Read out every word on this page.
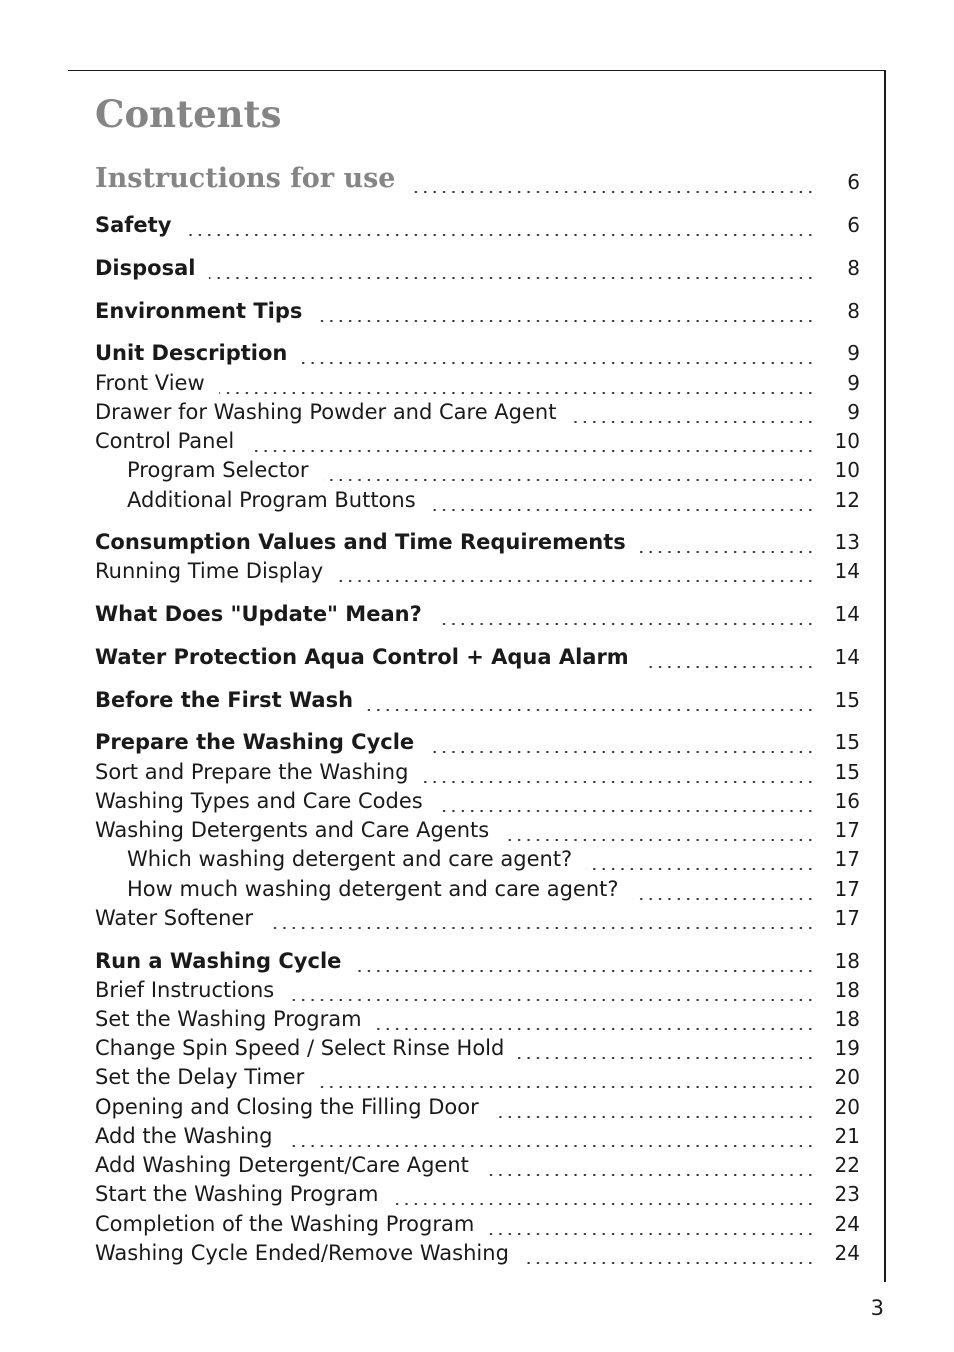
Contents
Instructions for use	6
Safety	6
Disposal	8
Environment Tips	8
Unit Description	9
Front View	9
Drawer for Washing Powder and Care Agent	9
Control Panel	10
Program Selector	10
Additional Program Buttons	12
Consumption Values and Time Requirements	13
Running Time Display	14
What Does "Update" Mean?	14
Water Protection Aqua Control + Aqua Alarm	14
Before the First Wash	15
Prepare the Washing Cycle	15
Sort and Prepare the Washing	15
Washing Types and Care Codes	16
Washing Detergents and Care Agents	17
Which washing detergent and care agent?	17
How much washing detergent and care agent?	17
Water Softener	17
Run a Washing Cycle	18
Brief Instructions	18
Set the Washing Program	18
Change Spin Speed / Select Rinse Hold	19
Set the Delay Timer	20
Opening and Closing the Filling Door	20
Add the Washing	21
Add Washing Detergent/Care Agent	22
Start the Washing Program	23
Completion of the Washing Program	24
Washing Cycle Ended/Remove Washing	24
3
